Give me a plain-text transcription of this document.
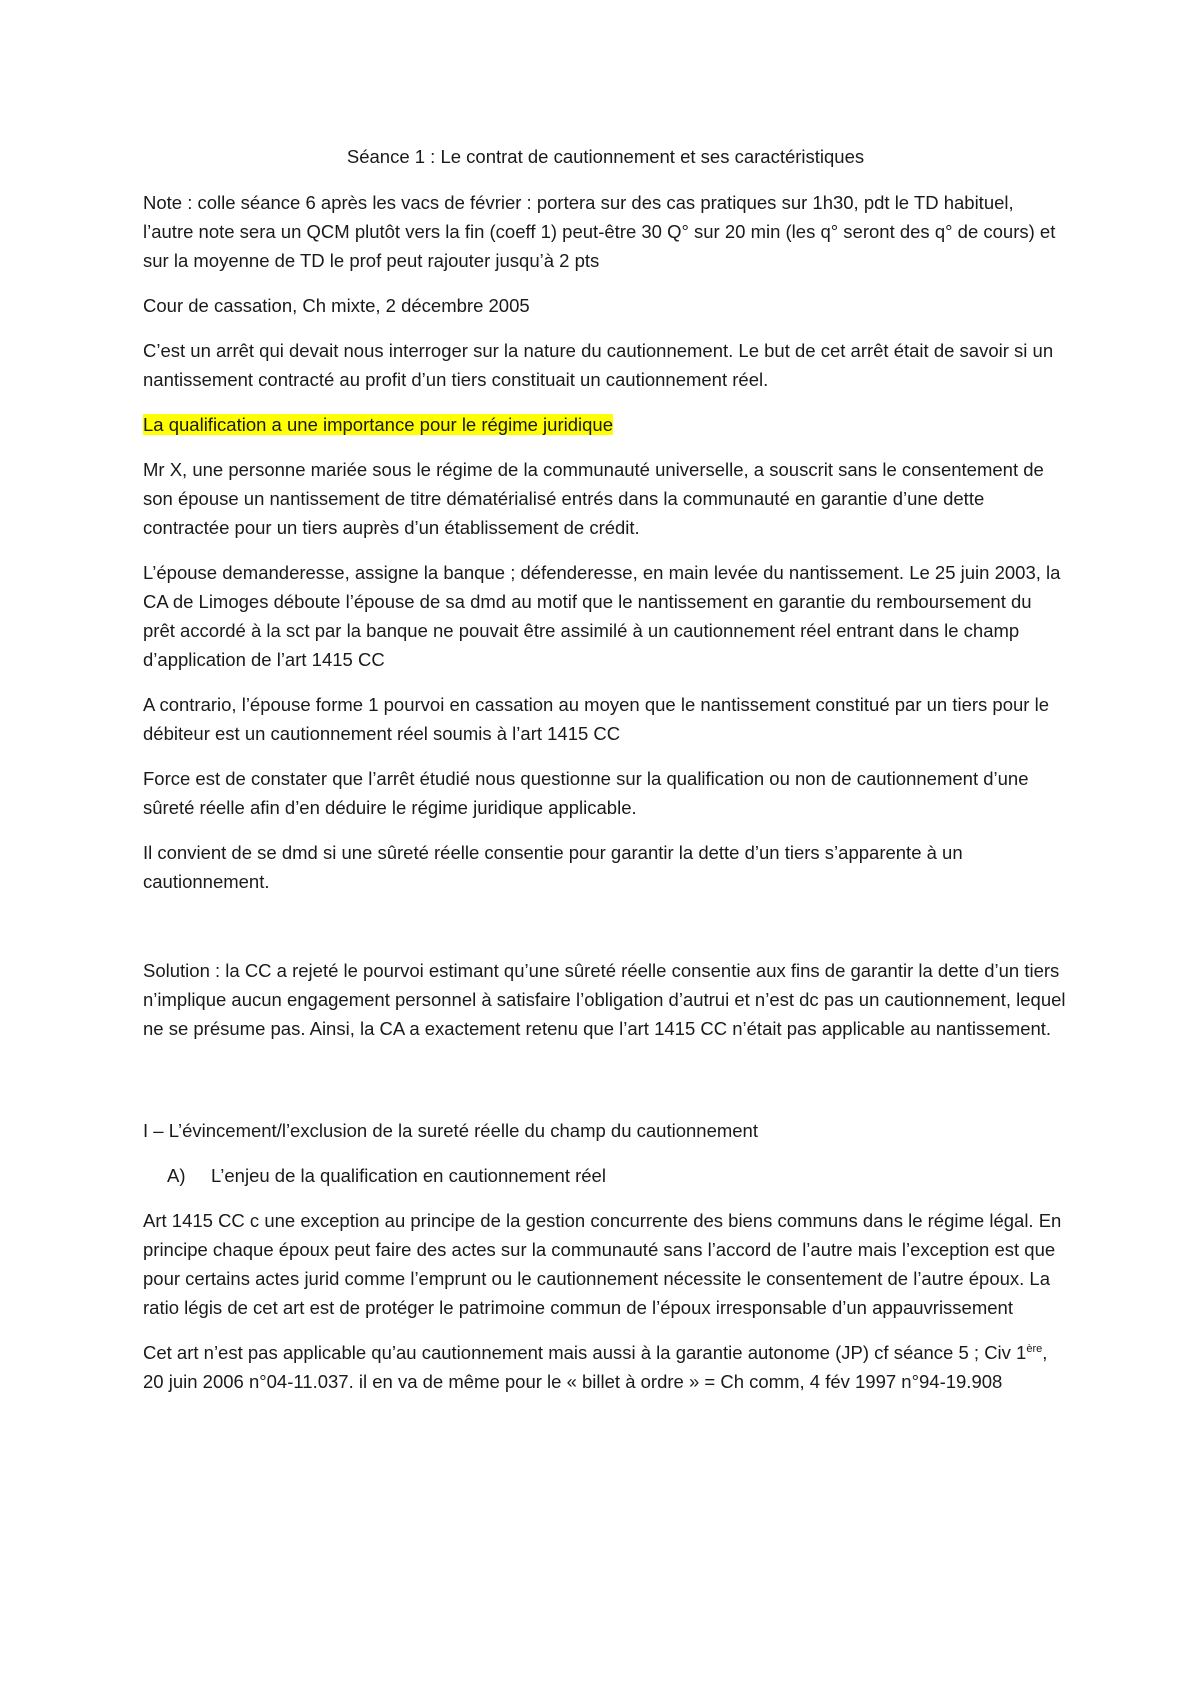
Séance 1 : Le contrat de cautionnement et ses caractéristiques
Note : colle séance 6 après les vacs de février : portera sur des cas pratiques sur 1h30, pdt le TD habituel, l’autre note sera un QCM plutôt vers la fin (coeff 1) peut-être 30 Q° sur 20 min (les q° seront des q° de cours) et sur la moyenne de TD le prof peut rajouter jusqu’à 2 pts
Cour de cassation, Ch mixte, 2 décembre 2005
C’est un arrêt qui devait nous interroger sur la nature du cautionnement. Le but de cet arrêt était de savoir si un nantissement contracté au profit d’un tiers constituait un cautionnement réel.
La qualification a une importance pour le régime juridique
Mr X, une personne mariée sous le régime de la communauté universelle, a souscrit sans le consentement de son épouse un nantissement de titre dématérialisé entrés dans la communauté en garantie d’une dette contractée pour un tiers auprès d’un établissement de crédit.
L’épouse demanderesse, assigne la banque ; défenderesse, en main levée du nantissement. Le 25 juin 2003, la CA de Limoges déboute l’épouse de sa dmd au motif que le nantissement en garantie du remboursement du prêt accordé à la sct par la banque ne pouvait être assimilé à un cautionnement réel entrant dans le champ d’application de l’art 1415 CC
A contrario, l’épouse forme 1 pourvoi en cassation au moyen que le nantissement constitué par un tiers pour le débiteur est un cautionnement réel soumis à l’art 1415 CC
Force est de constater que l’arrêt étudié nous questionne sur la qualification ou non de cautionnement d’une sûreté réelle afin d’en déduire le régime juridique applicable.
Il convient de se dmd si une sûreté réelle consentie pour garantir la dette d’un tiers s’apparente à un cautionnement.
Solution : la CC a rejeté le pourvoi estimant qu’une sûreté réelle consentie aux fins de garantir la dette d’un tiers n’implique aucun engagement personnel à satisfaire l’obligation d’autrui et n’est dc pas un cautionnement, lequel ne se présume pas. Ainsi, la CA a exactement retenu que l’art 1415 CC n’était pas applicable au nantissement.
I – L’évincement/l’exclusion de la sureté réelle du champ du cautionnement
A)	L’enjeu de la qualification en cautionnement réel
Art 1415 CC c une exception au principe de la gestion concurrente des biens communs dans le régime légal. En principe chaque époux peut faire des actes sur la communauté sans l’accord de l’autre mais l’exception est que pour certains actes jurid comme l’emprunt ou le cautionnement nécessite le consentement de l’autre époux. La ratio légis de cet art est de protéger le patrimoine commun de l’époux irresponsable d’un appauvrissement
Cet art n’est pas applicable qu’au cautionnement mais aussi à la garantie autonome (JP) cf séance 5 ; Civ 1ère, 20 juin 2006 n°04-11.037. il en va de même pour le « billet à ordre » = Ch comm, 4 fév 1997 n°94-19.908
